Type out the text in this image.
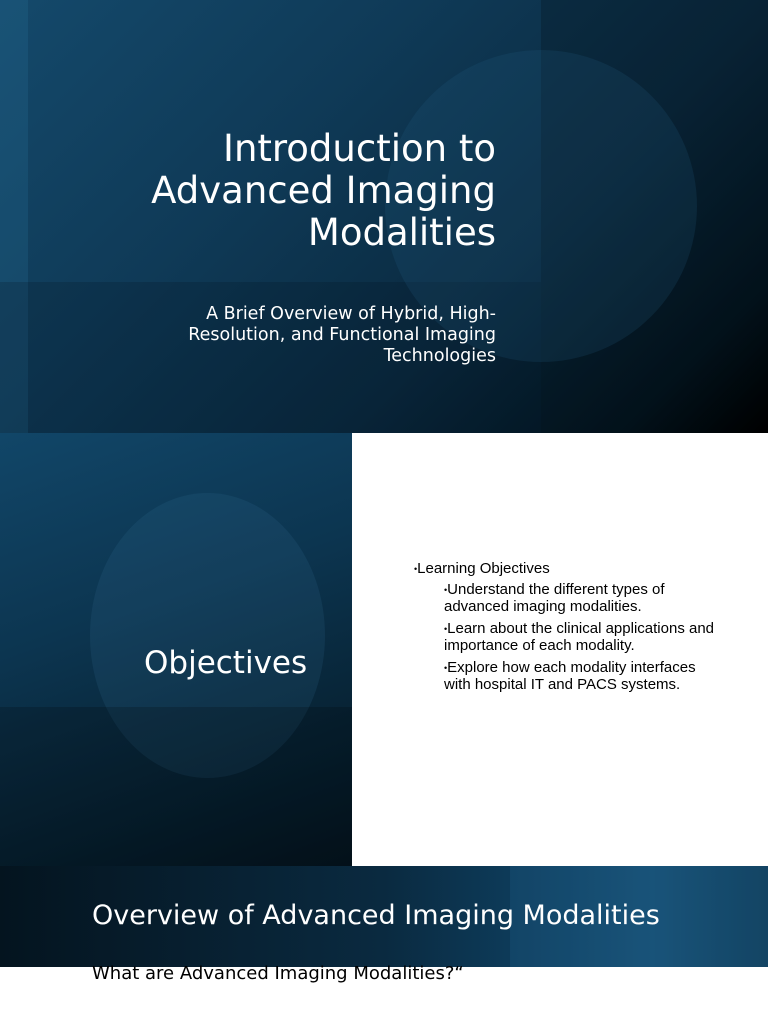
Introduction to
Advanced Imaging
Modalities
A Brief Overview of Hybrid, High-
Resolution, and Functional Imaging
Technologies
Objectives
•Learning Objectives
•Understand the different types of advanced imaging modalities.
•Learn about the clinical applications and importance of each modality.
•Explore how each modality interfaces with hospital IT and PACS systems.
Overview of Advanced Imaging Modalities
What are Advanced Imaging Modalities?“
